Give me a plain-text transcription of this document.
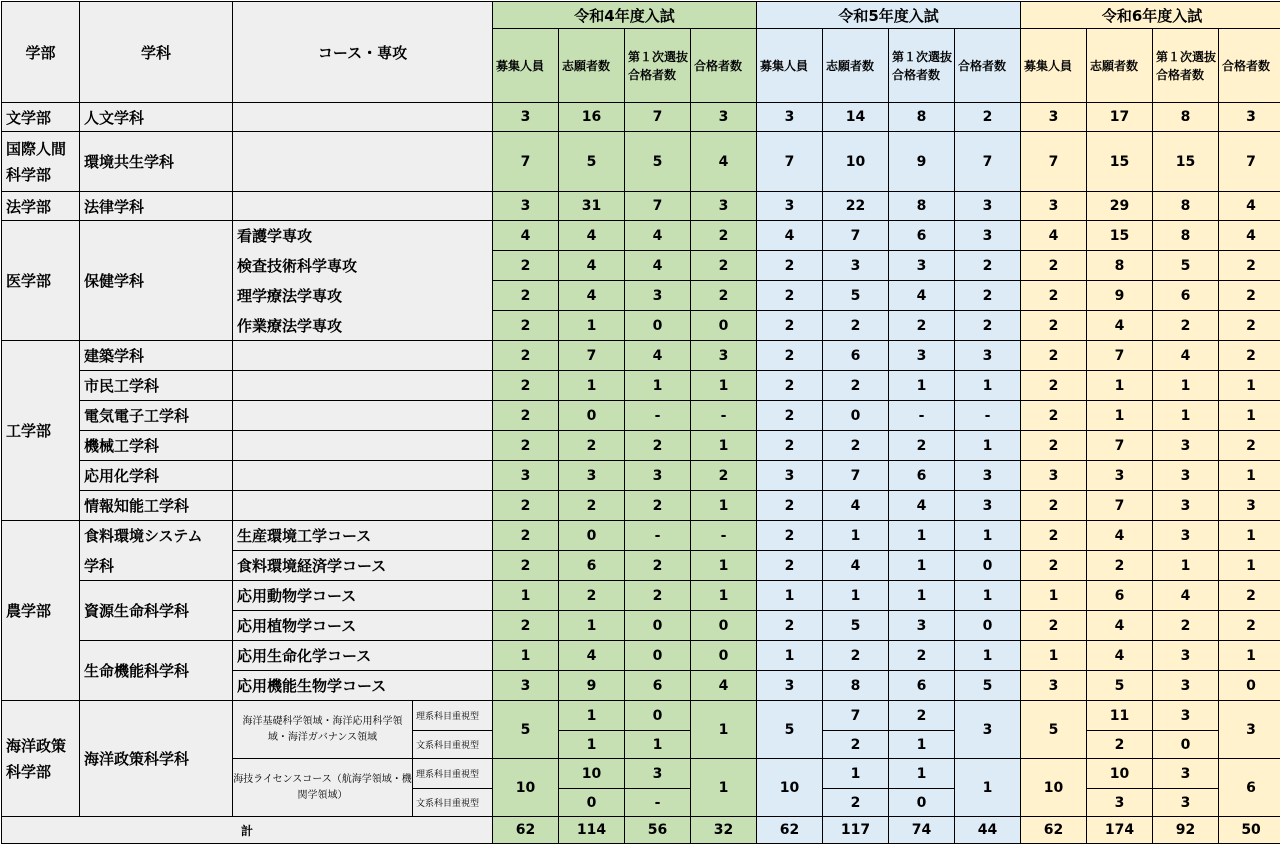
学部	学科	コース・専攻		令和4年度入試				令和5年度入試				令和6年度入試			
				募集人員	志願者数	第１次選抜合格者数	合格者数	募集人員	志願者数	第１次選抜合格者数	合格者数	募集人員	志願者数	第１次選抜合格者数	合格者数
文学部	人文学科			3	16	7	3	3	14	8	2	3	17	8	3
国際人間科学部	環境共生学科			7	5	5	4	7	10	9	7	7	15	15	7
法学部	法律学科			3	31	7	3	3	22	8	3	3	29	8	4
医学部	保健学科	看護学専攻		4	4	4	2	4	7	6	3	4	15	8	4
		検査技術科学専攻		2	4	4	2	2	3	3	2	2	8	5	2
		理学療法学専攻		2	4	3	2	2	5	4	2	2	9	6	2
		作業療法学専攻		2	1	0	0	2	2	2	2	2	4	2	2
工学部	建築学科			2	7	4	3	2	6	3	3	2	7	4	2
	市民工学科			2	1	1	1	2	2	1	1	2	1	1	1
	電気電子工学科			2	0	-	-	2	0	-	-	2	1	1	1
	機械工学科			2	2	2	1	2	2	2	1	2	7	3	2
	応用化学科			3	3	3	2	3	7	6	3	3	3	3	1
	情報知能工学科			2	2	2	1	2	4	4	3	2	7	3	3
農学部	食料環境システム	生産環境工学コース		2	0	-	-	2	1	1	1	2	4	3	1
	学科	食料環境経済学コース		2	6	2	1	2	4	1	0	2	2	1	1
	資源生命科学科	応用動物学コース		1	2	2	1	1	1	1	1	1	6	4	2
		応用植物学コース		2	1	0	0	2	5	3	0	2	4	2	2
	生命機能科学科	応用生命化学コース		1	4	0	0	1	2	2	1	1	4	3	1
		応用機能生物学コース		3	9	6	4	3	8	6	5	3	5	3	0
海洋政策科学部	海洋政策科学科	海洋基礎科学領域・海洋応用科学領域・海洋ガバナンス領域	理系科目重視型	5	1	0	1	5	7	2	3	5	11	3	3
			文系科目重視型		1	1			2	1			2	0	
		海技ライセンスコース（航海学領域・機関学領域）	理系科目重視型	10	10	3	1	10	1	1	1	10	10	3	6
			文系科目重視型		0	-			2	0			3	3	
計				62	114	56	32	62	117	74	44	62	174	92	50
